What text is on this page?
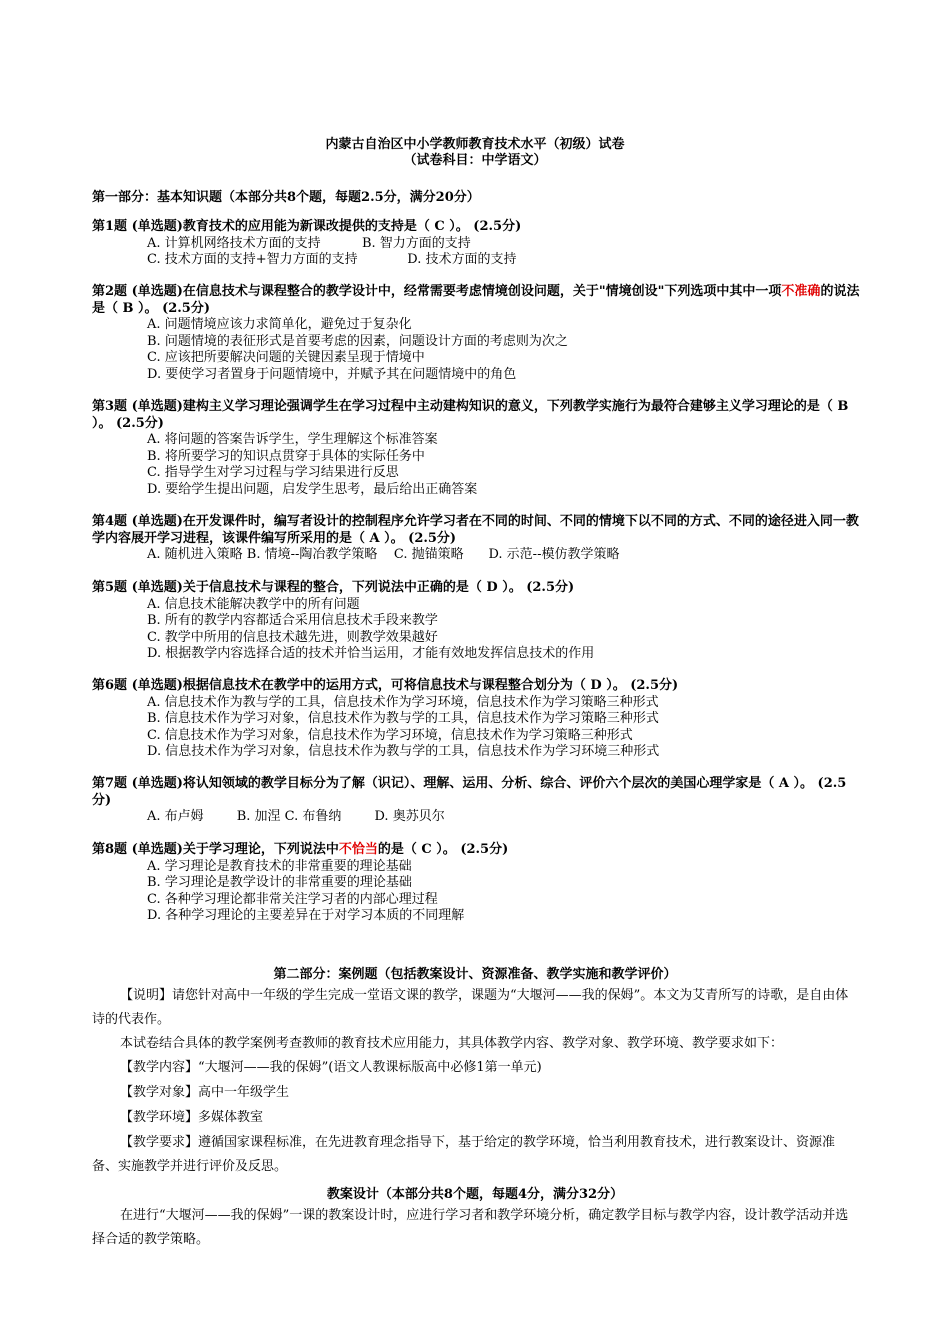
内蒙古自治区中小学教师教育技术水平（初级）试卷
（试卷科目：中学语文）
第一部分：基本知识题（本部分共8个题，每题2.5分，满分20分）
第1题 (单选题)教育技术的应用能为新课改提供的支持是（ C ）。 (2.5分)
A. 计算机网络技术方面的支持          B. 智力方面的支持
C. 技术方面的支持+智力方面的支持            D. 技术方面的支持
第2题 (单选题)在信息技术与课程整合的教学设计中，经常需要考虑情境创设问题，关于"情境创设"下列选项中其中一项不准确的说法是（ B ）。 (2.5分)
A. 问题情境应该力求简单化，避免过于复杂化
B. 问题情境的表征形式是首要考虑的因素，问题设计方面的考虑则为次之
C. 应该把所要解决问题的关键因素呈现于情境中
D. 要使学习者置身于问题情境中，并赋予其在问题情境中的角色
第3题 (单选题)建构主义学习理论强调学生在学习过程中主动建构知识的意义，下列教学实施行为最符合建够主义学习理论的是（ B ）。 (2.5分)
A. 将问题的答案告诉学生，学生理解这个标准答案
B. 将所要学习的知识点贯穿于具体的实际任务中
C. 指导学生对学习过程与学习结果进行反思
D. 要给学生提出问题，启发学生思考，最后给出正确答案
第4题 (单选题)在开发课件时，编写者设计的控制程序允许学习者在不同的时间、不同的情境下以不同的方式、不同的途径进入同一教学内容展开学习进程，该课件编写所采用的是（ A ）。 (2.5分)
A. 随机进入策略 B. 情境--陶冶教学策略    C. 抛锚策略      D. 示范--模仿教学策略
第5题 (单选题)关于信息技术与课程的整合，下列说法中正确的是（ D ）。 (2.5分)
A. 信息技术能解决教学中的所有问题
B. 所有的教学内容都适合采用信息技术手段来教学
C. 教学中所用的信息技术越先进，则教学效果越好
D. 根据教学内容选择合适的技术并恰当运用，才能有效地发挥信息技术的作用
第6题 (单选题)根据信息技术在教学中的运用方式，可将信息技术与课程整合划分为（ D ）。 (2.5分)
A. 信息技术作为教与学的工具，信息技术作为学习环境，信息技术作为学习策略三种形式
B. 信息技术作为学习对象，信息技术作为教与学的工具，信息技术作为学习策略三种形式
C. 信息技术作为学习对象，信息技术作为学习环境，信息技术作为学习策略三种形式
D. 信息技术作为学习对象，信息技术作为教与学的工具，信息技术作为学习环境三种形式
第7题 (单选题)将认知领域的教学目标分为了解（识记）、理解、运用、分析、综合、评价六个层次的美国心理学家是（ A ）。 (2.5分)
A. 布卢姆        B. 加涅 C. 布鲁纳        D. 奥苏贝尔
第8题 (单选题)关于学习理论，下列说法中不恰当的是（ C ）。 (2.5分)
A. 学习理论是教育技术的非常重要的理论基础
B. 学习理论是教学设计的非常重要的理论基础
C. 各种学习理论都非常关注学习者的内部心理过程
D. 各种学习理论的主要差异在于对学习本质的不同理解
第二部分：案例题（包括教案设计、资源准备、教学实施和教学评价）
【说明】请您针对高中一年级的学生完成一堂语文课的教学，课题为“大堰河——我的保姆”。本文为艾青所写的诗歌，是自由体诗的代表作。
本试卷结合具体的教学案例考查教师的教育技术应用能力，其具体教学内容、教学对象、教学环境、教学要求如下：
【教学内容】“大堰河——我的保姆”(语文人教课标版高中必修1第一单元)
【教学对象】高中一年级学生
【教学环境】多媒体教室
【教学要求】遵循国家课程标准，在先进教育理念指导下，基于给定的教学环境，恰当利用教育技术，进行教案设计、资源准备、实施教学并进行评价及反思。
教案设计（本部分共8个题，每题4分，满分32分）
在进行“大堰河——我的保姆”一课的教案设计时，应进行学习者和教学环境分析，确定教学目标与教学内容，设计教学活动并选择合适的教学策略。
